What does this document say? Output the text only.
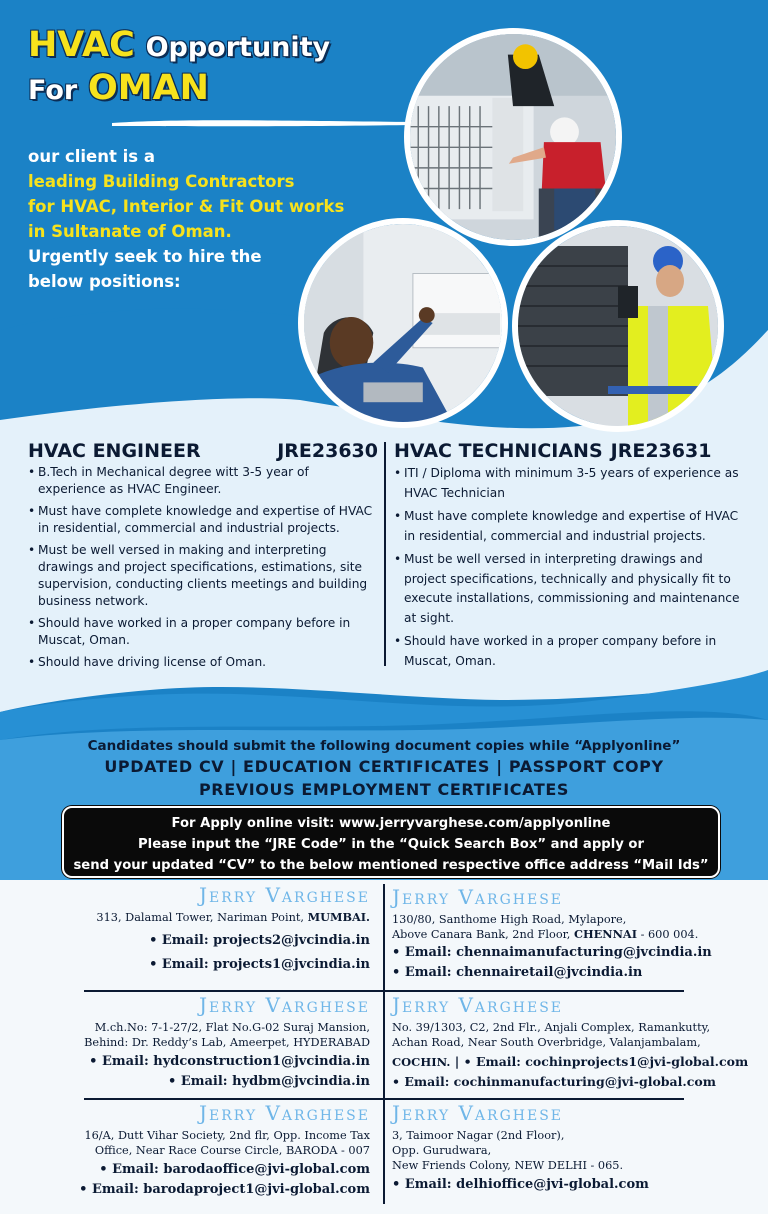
HVAC Opportunity
For OMAN
our client is a
leading Building Contractors
for HVAC, Interior & Fit Out works
in Sultanate of Oman.
Urgently seek to hire the
below positions:
HVAC ENGINEER	JRE23630 HVAC TECHNICIANS JRE23631
• B.Tech in Mechanical degree witt 3-5 year of experience as HVAC Engineer.
• Must have complete knowledge and expertise of HVAC in residential, commercial and industrial projects.
• Must be well versed in making and interpreting drawings and project specifications, estimations, site supervision, conducting clients meetings and building business network.
• Should have worked in a proper company before in Muscat, Oman.
• Should have driving license of Oman.
• ITI / Diploma with minimum 3-5 years of experience as HVAC Technician
• Must have complete knowledge and expertise of HVAC in residential, commercial and industrial projects.
• Must be well versed in interpreting drawings and project specifications, technically and physically fit to execute installations, commissioning and maintenance at sight.
• Should have worked in a proper company before in Muscat, Oman.
Candidates should submit the following document copies while “Applyonline”
UPDATED CV | EDUCATION CERTIFICATES | PASSPORT COPY
PREVIOUS EMPLOYMENT CERTIFICATES
For Apply online visit: www.jerryvarghese.com/applyonline
Please input the “JRE Code” in the “Quick Search Box” and apply or
send your updated “CV” to the below mentioned respective office address “Mail Ids”
Jerry Varghese
313, Dalamal Tower, Nariman Point, MUMBAI.
• Email: projects2@jvcindia.in
• Email: projects1@jvcindia.in
Jerry Varghese
130/80, Santhome High Road, Mylapore,
Above Canara Bank, 2nd Floor, CHENNAI - 600 004.
• Email: chennaimanufacturing@jvcindia.in
• Email: chennairetail@jvcindia.in
Jerry Varghese
M.ch.No: 7-1-27/2, Flat No.G-02 Suraj Mansion,
Behind: Dr. Reddy’s Lab, Ameerpet, HYDERABAD
• Email: hydconstruction1@jvcindia.in
• Email: hydbm@jvcindia.in
Jerry Varghese
No. 39/1303, C2, 2nd Flr., Anjali Complex, Ramankutty,
Achan Road, Near South Overbridge, Valanjambalam,
COCHIN. | • Email: cochinprojects1@jvi-global.com
• Email: cochinmanufacturing@jvi-global.com
Jerry Varghese
16/A, Dutt Vihar Society, 2nd flr, Opp. Income Tax
Office, Near Race Course Circle, BARODA - 007
• Email: barodaoffice@jvi-global.com
• Email: barodaproject1@jvi-global.com
Jerry Varghese
3, Taimoor Nagar (2nd Floor),
Opp. Gurudwara,
New Friends Colony, NEW DELHI - 065.
• Email: delhioffice@jvi-global.com
